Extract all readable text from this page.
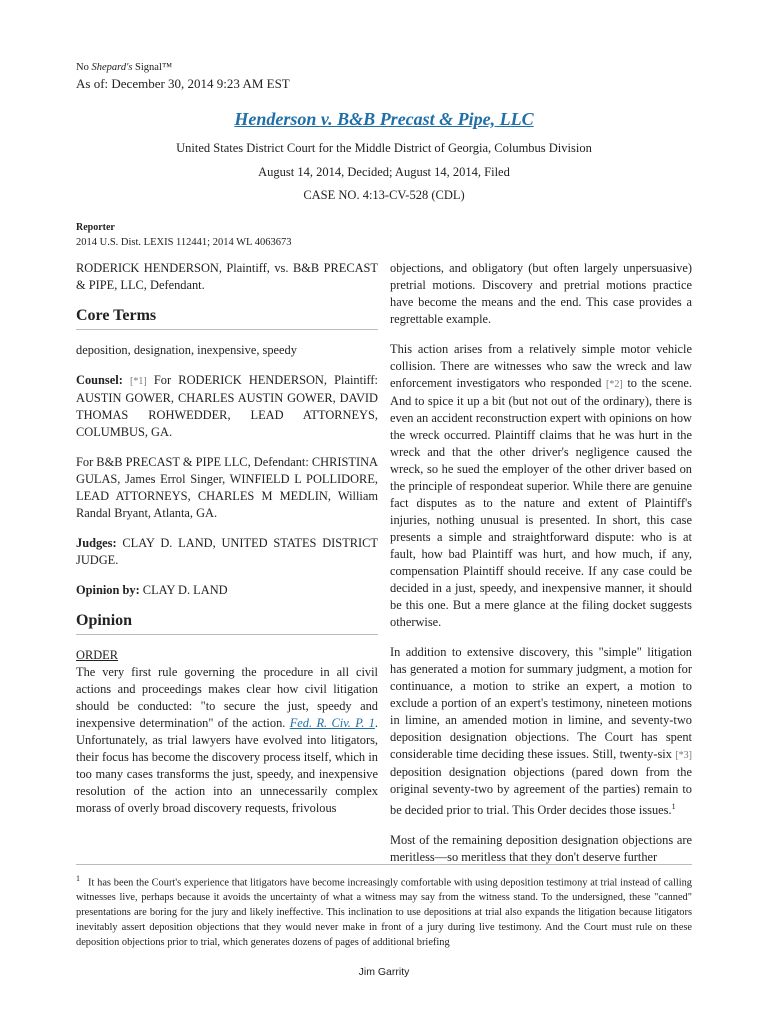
No Shepard's Signal™
As of: December 30, 2014 9:23 AM EST
Henderson v. B&B Precast & Pipe, LLC
United States District Court for the Middle District of Georgia, Columbus Division
August 14, 2014, Decided; August 14, 2014, Filed
CASE NO. 4:13-CV-528 (CDL)
Reporter
2014 U.S. Dist. LEXIS 112441; 2014 WL 4063673

RODERICK HENDERSON, Plaintiff, vs. B&B PRECAST & PIPE, LLC, Defendant.

Core Terms

deposition, designation, inexpensive, speedy

Counsel: [*1] For RODERICK HENDERSON, Plaintiff: AUSTIN GOWER, CHARLES AUSTIN GOWER, DAVID THOMAS ROHWEDDER, LEAD ATTORNEYS, COLUMBUS, GA.

For B&B PRECAST & PIPE LLC, Defendant: CHRISTINA GULAS, James Errol Singer, WINFIELD L POLLIDORE, LEAD ATTORNEYS, CHARLES M MEDLIN, William Randal Bryant, Atlanta, GA.

Judges: CLAY D. LAND, UNITED STATES DISTRICT JUDGE.

Opinion by: CLAY D. LAND

Opinion
ORDER

The very first rule governing the procedure in all civil actions and proceedings makes clear how civil litigation should be conducted: "to secure the just, speedy and inexpensive determination" of the action. Fed. R. Civ. P. 1. Unfortunately, as trial lawyers have evolved into litigators, their focus has become the discovery process itself, which in too many cases transforms the just, speedy, and inexpensive resolution of the action into an unnecessarily complex morass of overly broad discovery requests, frivolous

objections, and obligatory (but often largely unpersuasive) pretrial motions. Discovery and pretrial motions practice have become the means and the end. This case provides a regrettable example.

This action arises from a relatively simple motor vehicle collision. There are witnesses who saw the wreck and law enforcement investigators who responded [*2] to the scene. And to spice it up a bit (but not out of the ordinary), there is even an accident reconstruction expert with opinions on how the wreck occurred. Plaintiff claims that he was hurt in the wreck and that the other driver's negligence caused the wreck, so he sued the employer of the other driver based on the principle of respondeat superior. While there are genuine fact disputes as to the nature and extent of Plaintiff's injuries, nothing unusual is presented. In short, this case presents a simple and straightforward dispute: who is at fault, how bad Plaintiff was hurt, and how much, if any, compensation Plaintiff should receive. If any case could be decided in a just, speedy, and inexpensive manner, it should be this one. But a mere glance at the filing docket suggests otherwise.

In addition to extensive discovery, this "simple" litigation has generated a motion for summary judgment, a motion for continuance, a motion to strike an expert, a motion to exclude a portion of an expert's testimony, nineteen motions in limine, an amended motion in limine, and seventy-two deposition designation objections. The Court has spent considerable time deciding these issues. Still, twenty-six [*3] deposition designation objections (pared down from the original seventy-two by agreement of the parties) remain to be decided prior to trial. This Order decides those issues.$^1$

Most of the remaining deposition designation objections are meritless—so meritless that they don't deserve further

$^1$ It has been the Court's experience that litigators have become increasingly comfortable with using deposition testimony at trial instead of calling witnesses live, perhaps because it avoids the uncertainty of what a witness may say from the witness stand. To the undersigned, these "canned" presentations are boring for the jury and likely ineffective. This inclination to use depositions at trial also expands the litigation because litigators inevitably assert deposition objections that they would never make in front of a jury during live testimony. And the Court must rule on these deposition objections prior to trial, which generates dozens of pages of additional briefing
Jim Garrity
